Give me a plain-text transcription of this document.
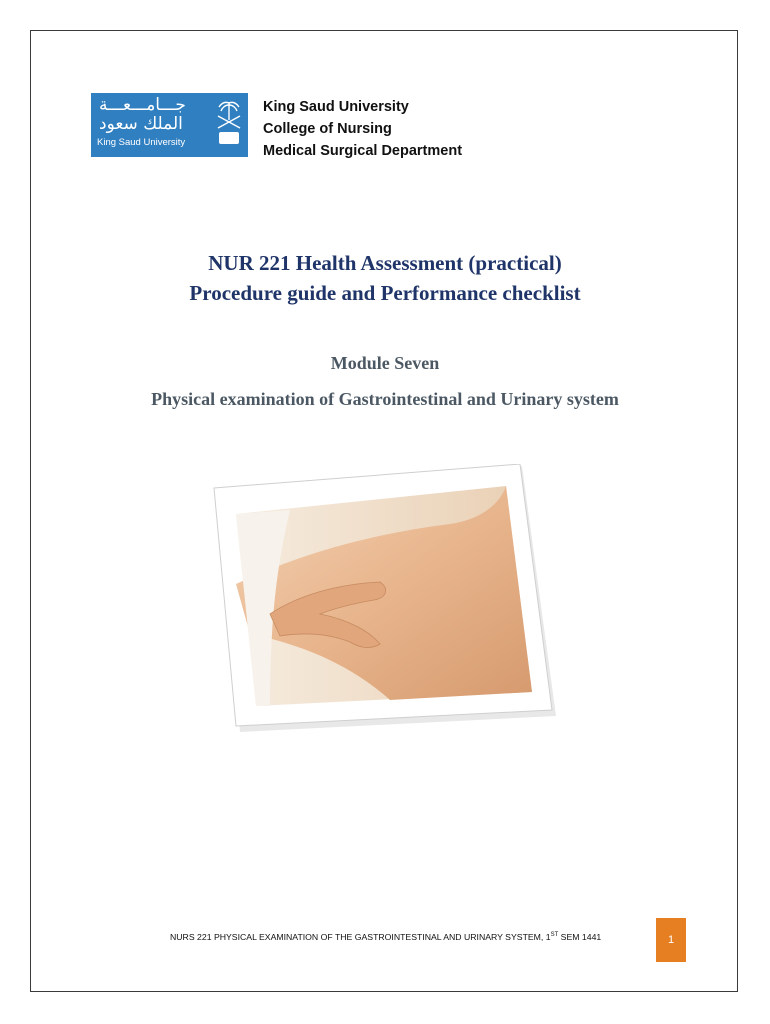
جـــامـــعـــة
الملك سعود
King Saud University
King Saud University
College of Nursing
Medical Surgical Department
NUR 221 Health Assessment (practical)
Procedure guide and Performance checklist
Module Seven
Physical examination of Gastrointestinal and Urinary system
NURS 221 PHYSICAL EXAMINATION OF THE GASTROINTESTINAL AND URINARY SYSTEM, 1ST SEM 1441	1
